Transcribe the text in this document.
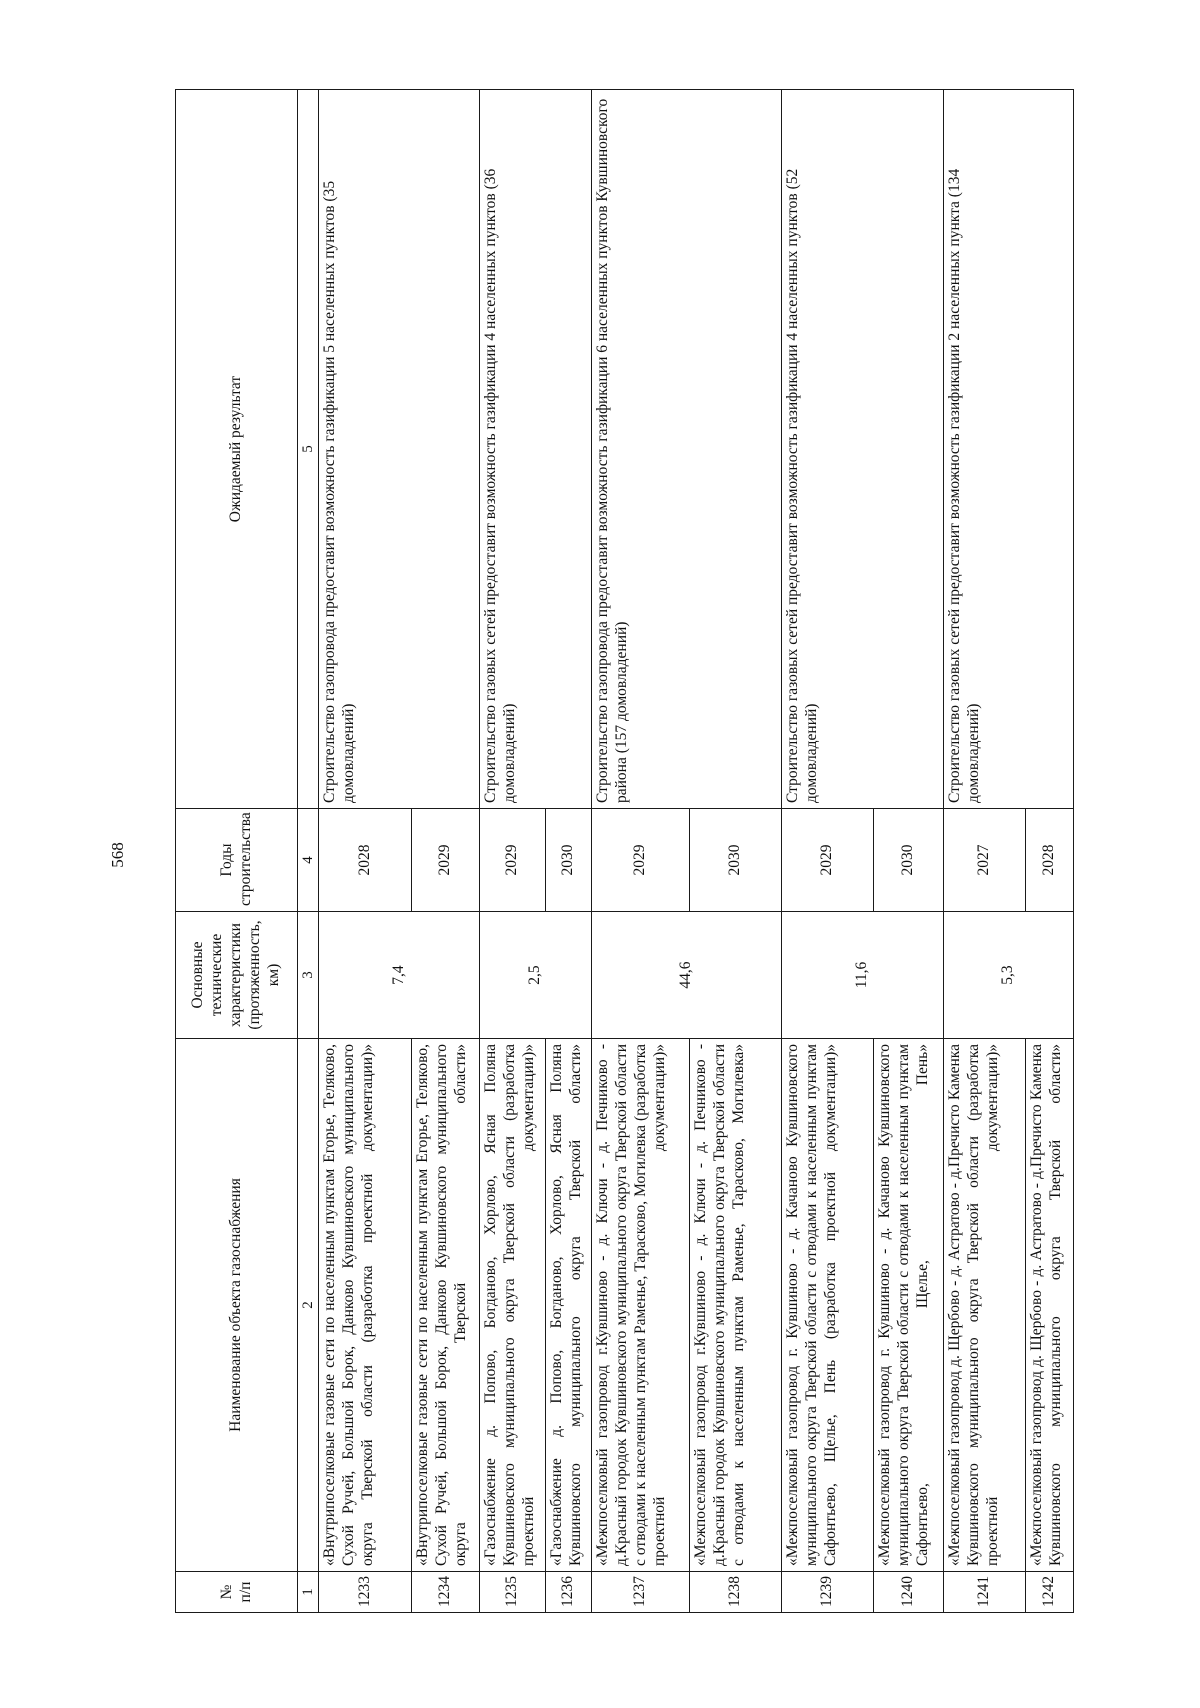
568
№ п/п	Наименование объекта газоснабжения	Основные технические характеристики (протяженность, км)	Годы строительства	Ожидаемый результат
1	2	3	4	5
1233	«Внутрипоселковые газовые сети по населенным пунктам Егорье, Теляково, Сухой Ручей, Большой Борок, Данково Кувшиновского муниципального округа Тверской области (разработка проектной документации)»	7,4	2028	Строительство газопровода предоставит возможность газификации 5 населенных пунктов (35 домовладений)
1234	«Внутрипоселковые газовые сети по населенным пунктам Егорье, Теляково, Сухой Ручей, Большой Борок, Данково Кувшиновского муниципального округа Тверской области»		2029	
1235	«Газоснабжение д. Попово, Богданово, Хорлово, Ясная Поляна Кувшиновского муниципального округа Тверской области (разработка проектной документации)»	2,5	2029	Строительство газовых сетей предоставит возможность газификации 4 населенных пунктов (36 домовладений)
1236	«Газоснабжение д. Попово, Богданово, Хорлово, Ясная Поляна Кувшиновского муниципального округа Тверской области»		2030	
1237	«Межпоселковый газопровод г.Кувшиново - д. Ключи - д. Печниково - д.Красный городок Кувшиновского муниципального округа Тверской области с отводами к населенным пунктам Раменье, Тарасково, Могилевка (разработка проектной документации)»	44,6	2029	Строительство газопровода предоставит возможность газификации 6 населенных пунктов Кувшиновского района (157 домовладений)
1238	«Межпоселковый газопровод г.Кувшиново - д. Ключи - д. Печниково - д.Красный городок Кувшиновского муниципального округа Тверской области с отводами к населенным пунктам Раменье, Тарасково, Могилевка»		2030	
1239	«Межпоселковый газопровод г. Кувшиново - д. Качаново Кувшиновского муниципального округа Тверской области с отводами к населенным пунктам Сафонтьево, Щелье, Пень (разработка проектной документации)»	11,6	2029	Строительство газовых сетей предоставит возможность газификации 4 населенных пунктов (52 домовладений)
1240	«Межпоселковый газопровод г. Кувшиново - д. Качаново Кувшиновского муниципального округа Тверской области с отводами к населенным пунктам Сафонтьево, Щелье, Пень»		2030	
1241	«Межпоселковый газопровод д. Щербово - д. Астратово - д.Пречисто Каменка Кувшиновского муниципального округа Тверской области (разработка проектной документации)»	5,3	2027	Строительство газовых сетей предоставит возможность газификации 2 населенных пункта (134 домовладений)
1242	«Межпоселковый газопровод д. Щербово - д. Астратово - д.Пречисто Каменка Кувшиновского муниципального округа Тверской области»		2028	
